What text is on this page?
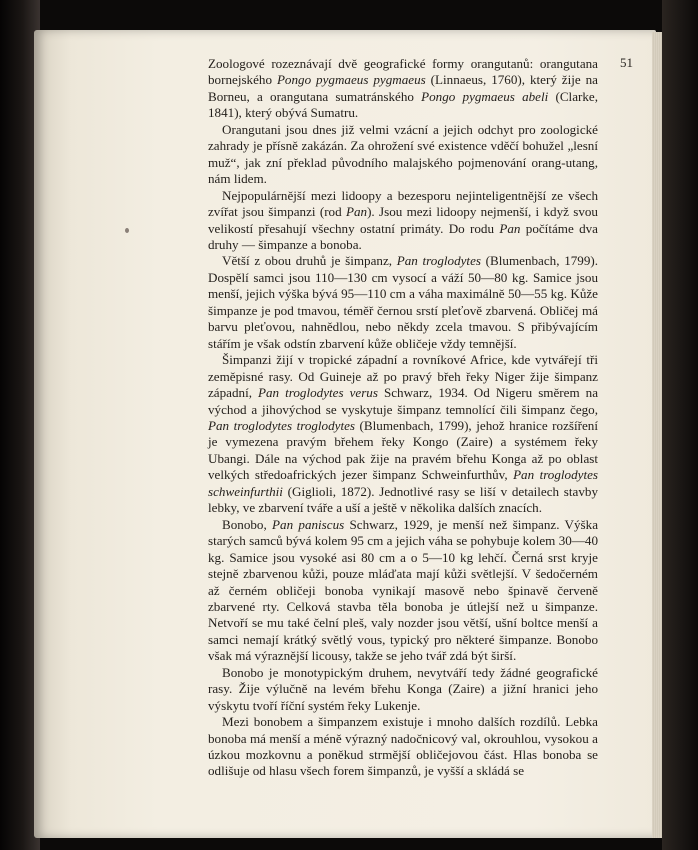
51

Zoologové rozeznávají dvě geografické formy orangutanů: orangutana bornejského Pongo pygmaeus pygmaeus (Linnaeus, 1760), který žije na Borneu, a orangutana sumatránského Pongo pygmaeus abeli (Clarke, 1841), který obývá Sumatru.

Orangutani jsou dnes již velmi vzácní a jejich odchyt pro zoologické zahrady je přísně zakázán. Za ohrožení své existence vděčí bohužel „lesní muž“, jak zní překlad původního malajského pojmenování orang-utang, nám lidem.

Nejpopulárnější mezi lidoopy a bezesporu nejinteligentnější ze všech zvířat jsou šimpanzi (rod Pan). Jsou mezi lidoopy nejmenší, i když svou velikostí přesahují všechny ostatní primáty. Do rodu Pan počítáme dva druhy — šimpanze a bonoba.

Větší z obou druhů je šimpanz, Pan troglodytes (Blumenbach, 1799). Dospělí samci jsou 110—130 cm vysocí a váží 50—80 kg. Samice jsou menší, jejich výška bývá 95—110 cm a váha maximálně 50—55 kg. Kůže šimpanze je pod tmavou, téměř černou srstí pleťově zbarvená. Obličej má barvu pleťovou, nahnědlou, nebo někdy zcela tmavou. S přibývajícím stářím je však odstín zbarvení kůže obličeje vždy temnější.

Šimpanzi žijí v tropické západní a rovníkové Africe, kde vytvářejí tři zeměpisné rasy. Od Guineje až po pravý břeh řeky Niger žije šimpanz západní, Pan troglodytes verus Schwarz, 1934. Od Nigeru směrem na východ a jihovýchod se vyskytuje šimpanz temnolící čili šimpanz čego, Pan troglodytes troglodytes (Blumenbach, 1799), jehož hranice rozšíření je vymezena pravým břehem řeky Kongo (Zaire) a systémem řeky Ubangi. Dále na východ pak žije na pravém břehu Konga až po oblast velkých středoafrických jezer šimpanz Schweinfurthův, Pan troglodytes schweinfurthii (Giglioli, 1872). Jednotlivé rasy se liší v detailech stavby lebky, ve zbarvení tváře a uší a ještě v několika dalších znacích.

Bonobo, Pan paniscus Schwarz, 1929, je menší než šimpanz. Výška starých samců bývá kolem 95 cm a jejich váha se pohybuje kolem 30—40 kg. Samice jsou vysoké asi 80 cm a o 5—10 kg lehčí. Černá srst kryje stejně zbarvenou kůži, pouze mláďata mají kůži světlejší. V šedočerném až černém obličeji bonoba vynikají masově nebo špinavě červeně zbarvené rty. Celková stavba těla bonoba je útlejší než u šimpanze. Netvoří se mu také čelní pleš, valy nozder jsou větší, ušní boltce menší a samci nemají krátký světlý vous, typický pro některé šimpanze. Bonobo však má výraznější licousy, takže se jeho tvář zdá být širší.

Bonobo je monotypickým druhem, nevytváří tedy žádné geografické rasy. Žije výlučně na levém břehu Konga (Zaire) a jižní hranici jeho výskytu tvoří říční systém řeky Lukenje.

Mezi bonobem a šimpanzem existuje i mnoho dalších rozdílů. Lebka bonoba má menší a méně výrazný nadočnicový val, okrouhlou, vysokou a úzkou mozkovnu a poněkud strmější obličejovou část. Hlas bonoba se odlišuje od hlasu všech forem šimpanzů, je vyšší a skládá se
